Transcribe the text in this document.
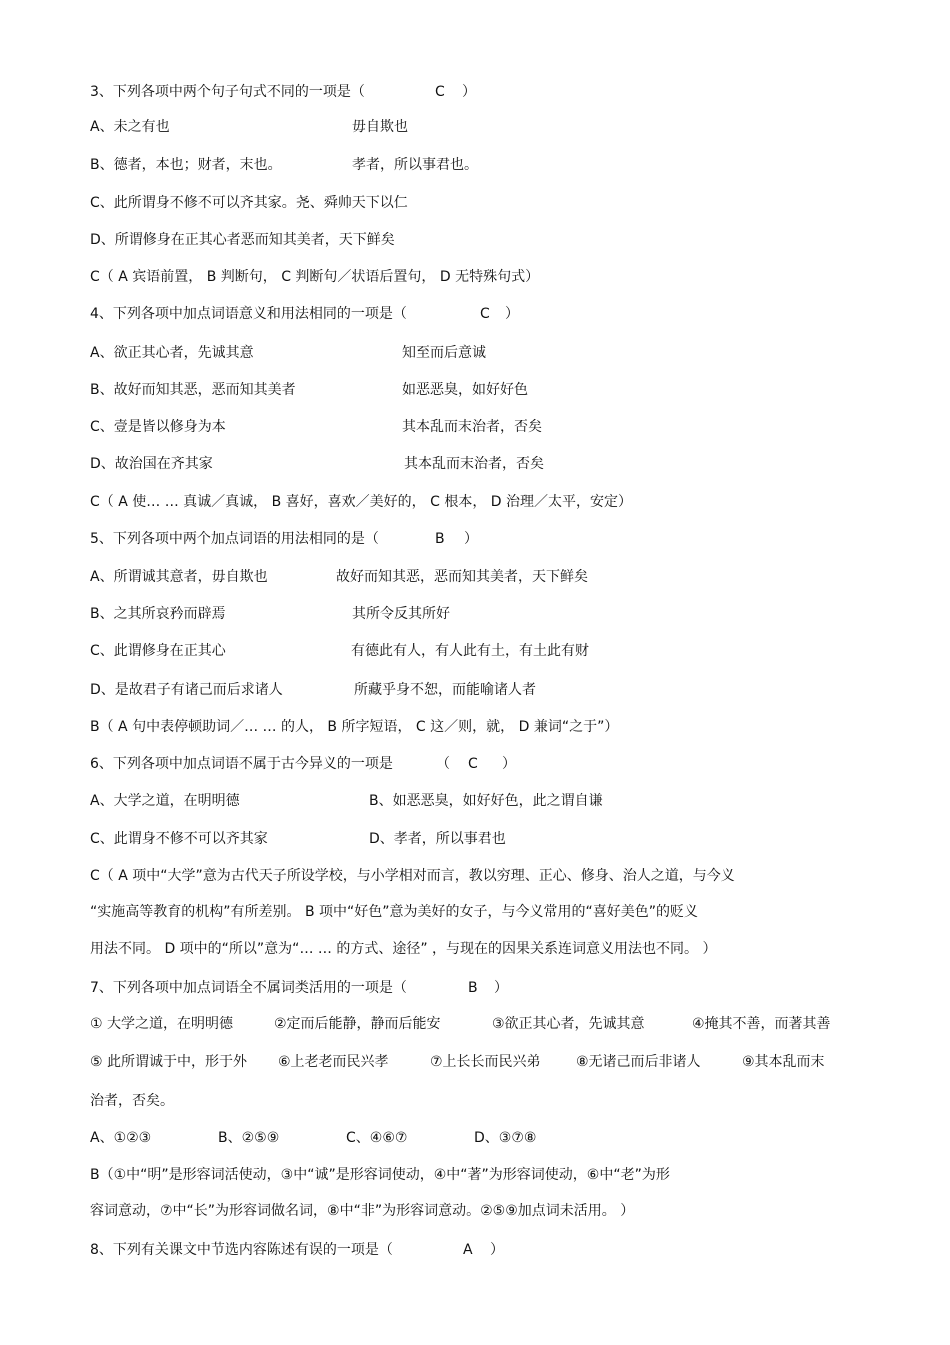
3、下列各项中两个句子句式不同的一项是（	C ）
A、未之有也	毋自欺也
B、德者，本也；财者，末也。	孝者，所以事君也。
C、此所谓身不修不可以齐其家。尧、舜帅天下以仁
D、所谓修身在正其心者恶而知其美者，天下鲜矣
C（ A 宾语前置， B 判断句， C 判断句／状语后置句， D 无特殊句式）
4、下列各项中加点词语意义和用法相同的一项是（	C ）
A、欲正其心者，先诚其意	知至而后意诚
B、故好而知其恶，恶而知其美者	如恶恶臭，如好好色
C、壹是皆以修身为本	其本乱而末治者，否矣
D、故治国在齐其家	其本乱而末治者，否矣
C（ A 使… … 真诚／真诚， B 喜好，喜欢／美好的， C 根本， D 治理／太平，安定）
5、下列各项中两个加点词语的用法相同的是（	B ）
A、所谓诚其意者，毋自欺也	故好而知其恶，恶而知其美者，天下鲜矣
B、之其所哀矜而辟焉	其所令反其所好
C、此谓修身在正其心	有德此有人，有人此有土，有土此有财
D、是故君子有诸己而后求诸人	所藏乎身不恕，而能喻诸人者
B（ A 句中表停顿助词／… … 的人， B 所字短语， C 这／则，就， D 兼词“之于”）
6、下列各项中加点词语不属于古今异义的一项是	（ C ）
A、大学之道，在明明德	B、如恶恶臭，如好好色，此之谓自谦
C、此谓身不修不可以齐其家	D、孝者，所以事君也
C（ A 项中“大学”意为古代天子所设学校，与小学相对而言，教以穷理、正心、修身、治人之道，与今义
“实施高等教育的机构”有所差别。 B 项中“好色”意为美好的女子，与今义常用的“喜好美色”的贬义
用法不同。 D 项中的“所以”意为“… … 的方式、途径” ，与现在的因果关系连词意义用法也不同。 ）
7、下列各项中加点词语全不属词类活用的一项是（	B ）
① 大学之道，在明明德	②定而后能静，静而后能安	③欲正其心者，先诚其意	④掩其不善，而著其善
⑤ 此所谓诚于中，形于外 ⑥上老老而民兴孝	⑦上长长而民兴弟	⑧无诸己而后非诸人	⑨其本乱而末
治者，否矣。
A、①②③	B、②⑤⑨	C、④⑥⑦	D、③⑦⑧
B（①中“明”是形容词活使动，③中“诚”是形容词使动，④中“著”为形容词使动，⑥中“老”为形
容词意动，⑦中“长”为形容词做名词，⑧中“非”为形容词意动。②⑤⑨加点词未活用。 ）
8、下列有关课文中节选内容陈述有误的一项是（	A ）
